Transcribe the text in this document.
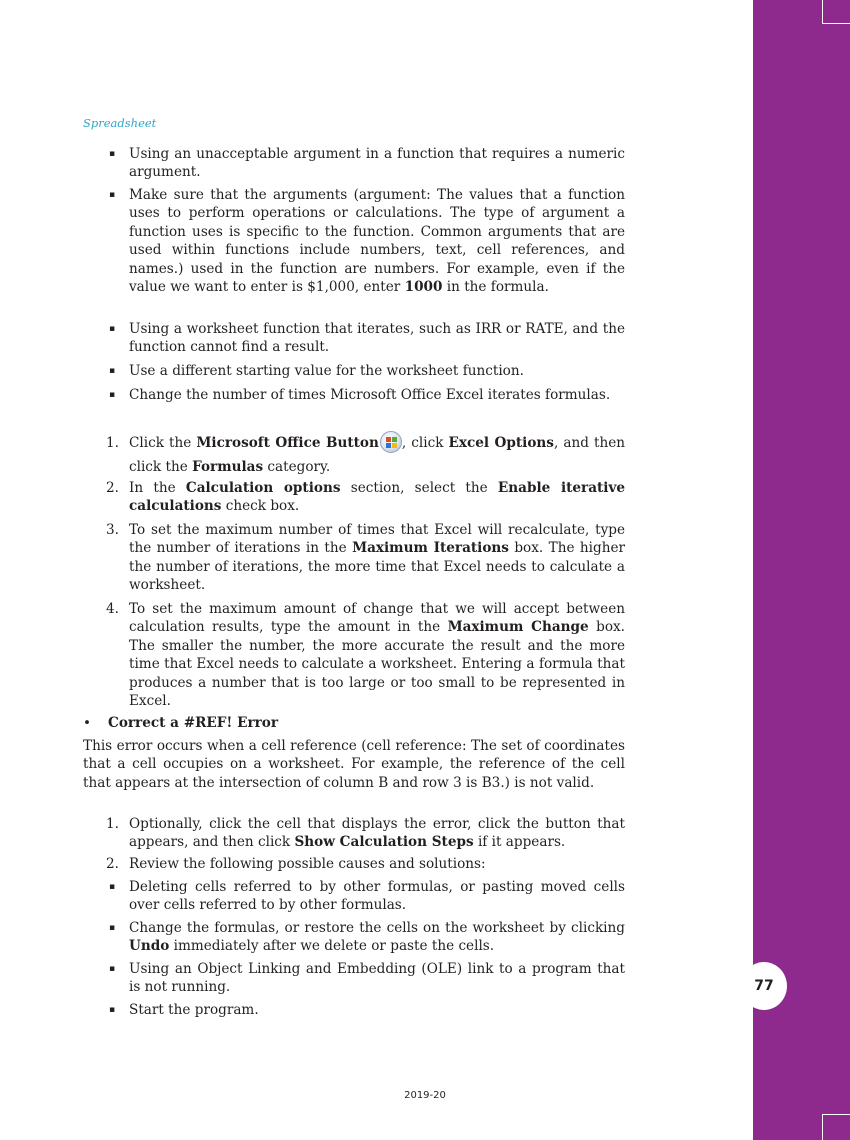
77
Spreadsheet
▪ Using an unacceptable argument in a function that requires a numeric argument.
▪ Make sure that the arguments (argument: The values that a function uses to perform operations or calculations. The type of argument a function uses is specific to the function. Common arguments that are used within functions include numbers, text, cell references, and names.) used in the function are numbers. For example, even if the value we want to enter is $1,000, enter 1000 in the formula.
▪ Using a worksheet function that iterates, such as IRR or RATE, and the function cannot find a result.
▪ Use a different starting value for the worksheet function.
▪ Change the number of times Microsoft Office Excel iterates formulas.
1. Click the Microsoft Office Button , click Excel Options, and then click the Formulas category.
2. In the Calculation options section, select the Enable iterative calculations check box.
3. To set the maximum number of times that Excel will recalculate, type the number of iterations in the Maximum Iterations box. The higher the number of iterations, the more time that Excel needs to calculate a worksheet.
4. To set the maximum amount of change that we will accept between calculation results, type the amount in the Maximum Change box. The smaller the number, the more accurate the result and the more time that Excel needs to calculate a worksheet. Entering a formula that produces a number that is too large or too small to be represented in Excel.
• Correct a #REF! Error
This error occurs when a cell reference (cell reference: The set of coordinates that a cell occupies on a worksheet. For example, the reference of the cell that appears at the intersection of column B and row 3 is B3.) is not valid.
1. Optionally, click the cell that displays the error, click the button that appears, and then click Show Calculation Steps if it appears.
2. Review the following possible causes and solutions:
▪ Deleting cells referred to by other formulas, or pasting moved cells over cells referred to by other formulas.
▪ Change the formulas, or restore the cells on the worksheet by clicking Undo immediately after we delete or paste the cells.
▪ Using an Object Linking and Embedding (OLE) link to a program that is not running.
▪ Start the program.
2019-20
